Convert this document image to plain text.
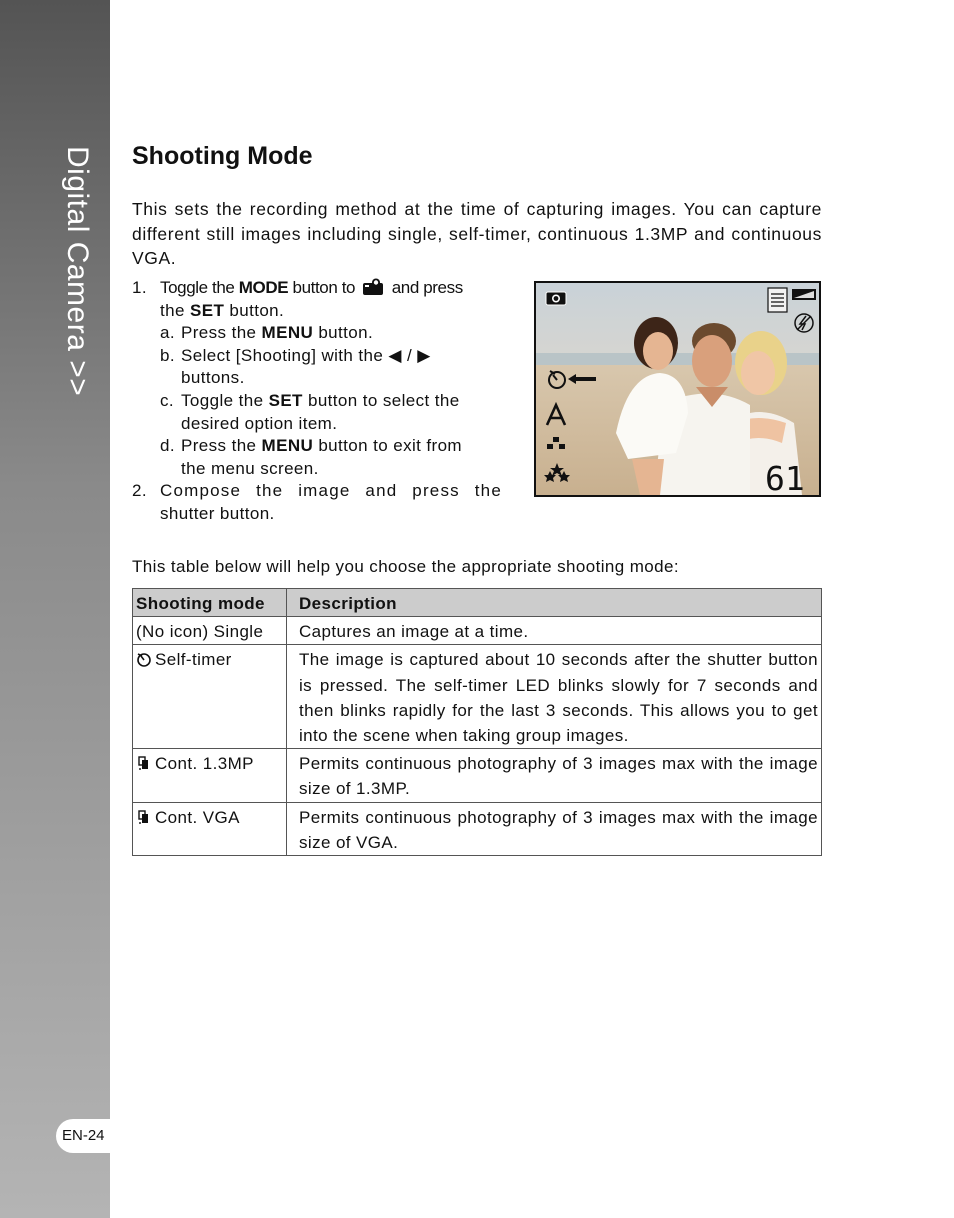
Digital Camera >>
EN-24
Shooting Mode

This sets the recording method at the time of capturing images. You can capture different still images including single, self-timer, continuous 1.3MP and continuous VGA.

1. Toggle the MODE button to and press
the SET button.
a. Press the MENU button.
b. Select [Shooting] with the ◀ / ▶
buttons.
c. Toggle the SET button to select the
desired option item.
d. Press the MENU button to exit from
the menu screen.
2. Compose the image and press the
shutter button.
61

This table below will help you choose the appropriate shooting mode:

Shooting mode	Description
(No icon) Single	Captures an image at a time.
Self-timer	The image is captured about 10 seconds after the shutter button is pressed. The self-timer LED blinks slowly for 7 seconds and then blinks rapidly for the last 3 seconds. This allows you to get into the scene when taking group images.
Cont. 1.3MP	Permits continuous photography of 3 images max with the image size of 1.3MP.
Cont. VGA	Permits continuous photography of 3 images max with the image size of VGA.
